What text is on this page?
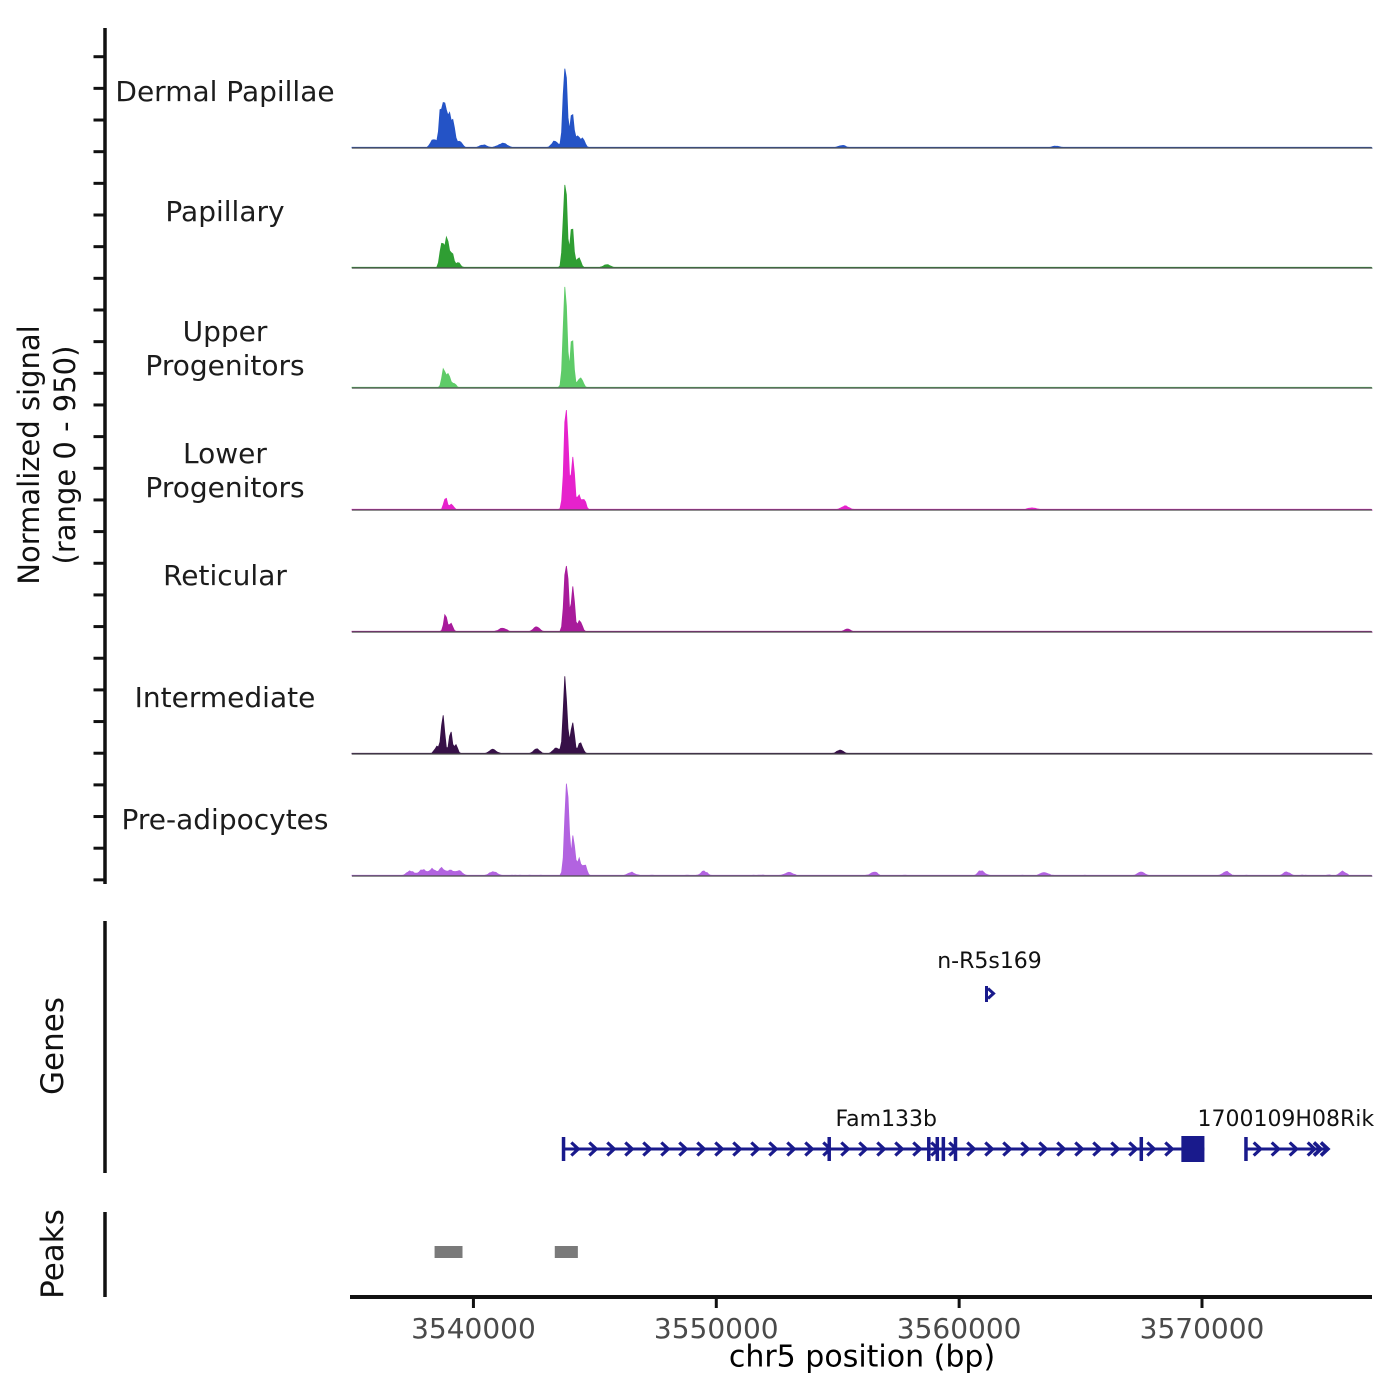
n-R5s169
Fam133b	1700109H08Rik
3540000	3550000	3560000	3570000
Normalized signal
(range 0 - 950)
Dermal Papillae
Papillary
Upper Progenitors
Lower Progenitors
Reticular
Intermediate
Pre-adipocytes
Genes
Peaks
chr5 position (bp)
